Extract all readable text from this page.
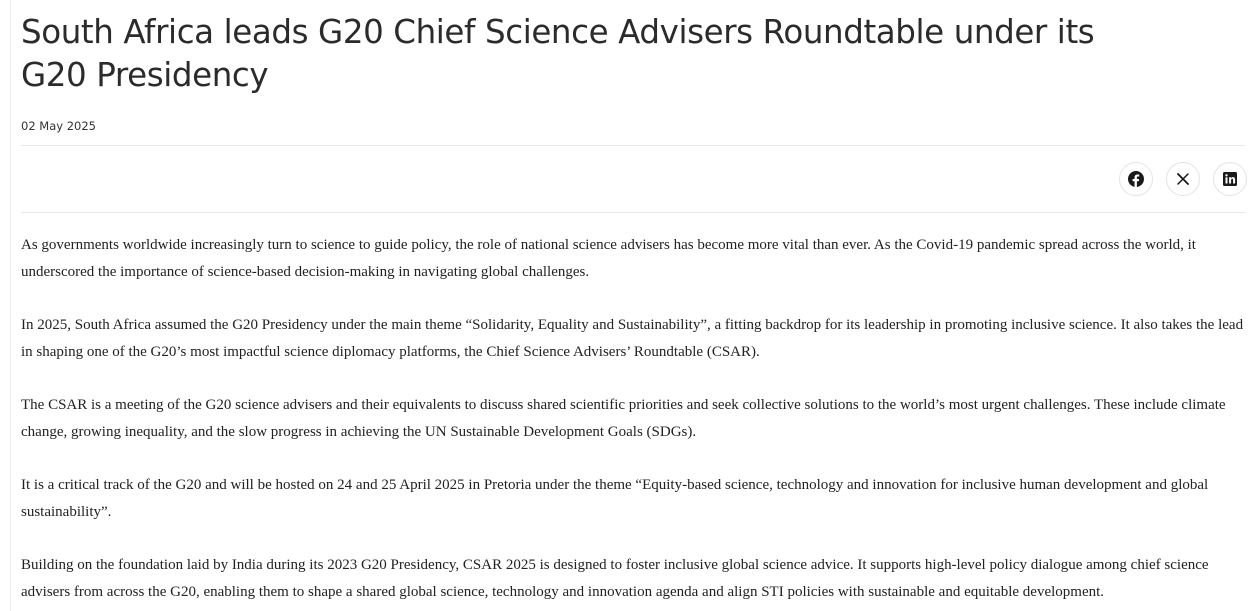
South Africa leads G20 Chief Science Advisers Roundtable under its G20 Presidency
02 May 2025

As governments worldwide increasingly turn to science to guide policy, the role of national science advisers has become more vital than ever. As the Covid-19 pandemic spread across the world, it underscored the importance of science-based decision-making in navigating global challenges.

In 2025, South Africa assumed the G20 Presidency under the main theme “Solidarity, Equality and Sustainability”, a fitting backdrop for its leadership in promoting inclusive science. It also takes the lead in shaping one of the G20’s most impactful science diplomacy platforms, the Chief Science Advisers’ Roundtable (CSAR).

The CSAR is a meeting of the G20 science advisers and their equivalents to discuss shared scientific priorities and seek collective solutions to the world’s most urgent challenges. These include climate change, growing inequality, and the slow progress in achieving the UN Sustainable Development Goals (SDGs).

It is a critical track of the G20 and will be hosted on 24 and 25 April 2025 in Pretoria under the theme “Equity-based science, technology and innovation for inclusive human development and global sustainability”.

Building on the foundation laid by India during its 2023 G20 Presidency, CSAR 2025 is designed to foster inclusive global science advice. It supports high-level policy dialogue among chief science advisers from across the G20, enabling them to shape a shared global science, technology and innovation agenda and align STI policies with sustainable and equitable development.
